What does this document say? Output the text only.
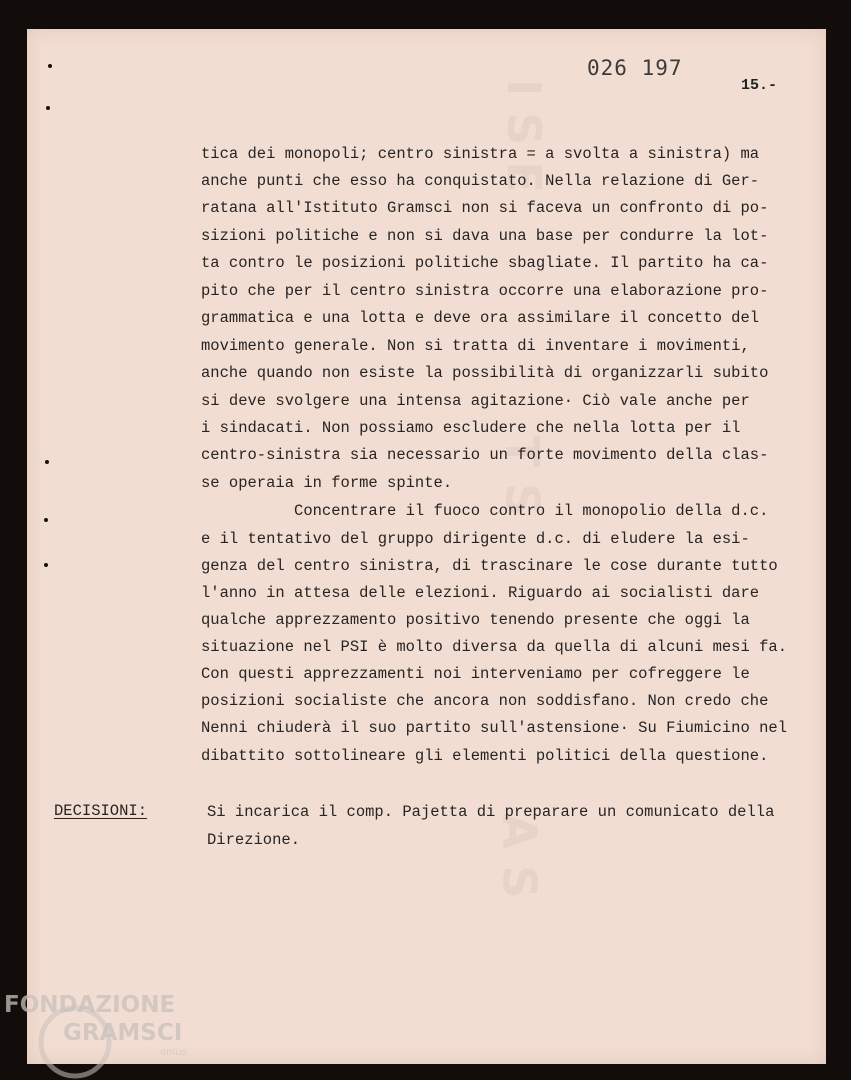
I S E
T S
A S
026 197
15.-

tica dei monopoli; centro sinistra = a svolta a sinistra) ma

anche punti che esso ha conquistato. Nella relazione di Ger-

ratana all'Istituto Gramsci non si faceva un confronto di po-

sizioni politiche e non si dava una base per condurre la lot-

ta contro le posizioni politiche sbagliate. Il partito ha ca-

pito che per il centro sinistra occorre una elaborazione pro-

grammatica e una lotta e deve ora assimilare il concetto del

movimento generale. Non si tratta di inventare i movimenti,

anche quando non esiste la possibilità di organizzarli subito

si deve svolgere una intensa agitazione· Ciò vale anche per

i sindacati. Non possiamo escludere che nella lotta per il

centro-sinistra sia necessario un forte movimento della clas-

se operaia in forme spinte.

Concentrare il fuoco contro il monopolio della d.c.

e il tentativo del gruppo dirigente d.c. di eludere la esi-

genza del centro sinistra, di trascinare le cose durante tutto

l'anno in attesa delle elezioni. Riguardo ai socialisti dare

qualche apprezzamento positivo tenendo presente che oggi la

situazione nel PSI è molto diversa da quella di alcuni mesi fa.

Con questi apprezzamenti noi interveniamo per cofreggere le

posizioni socialiste che ancora non soddisfano. Non credo che

Nenni chiuderà il suo partito sull'astensione· Su Fiumicino nel

dibattito sottolineare gli elementi politici della questione.

DECISIONI:	Si incarica il comp. Pajetta di preparare un comunicato della

Direzione.

FONDAZIONE
GRAMSCI
onlus
